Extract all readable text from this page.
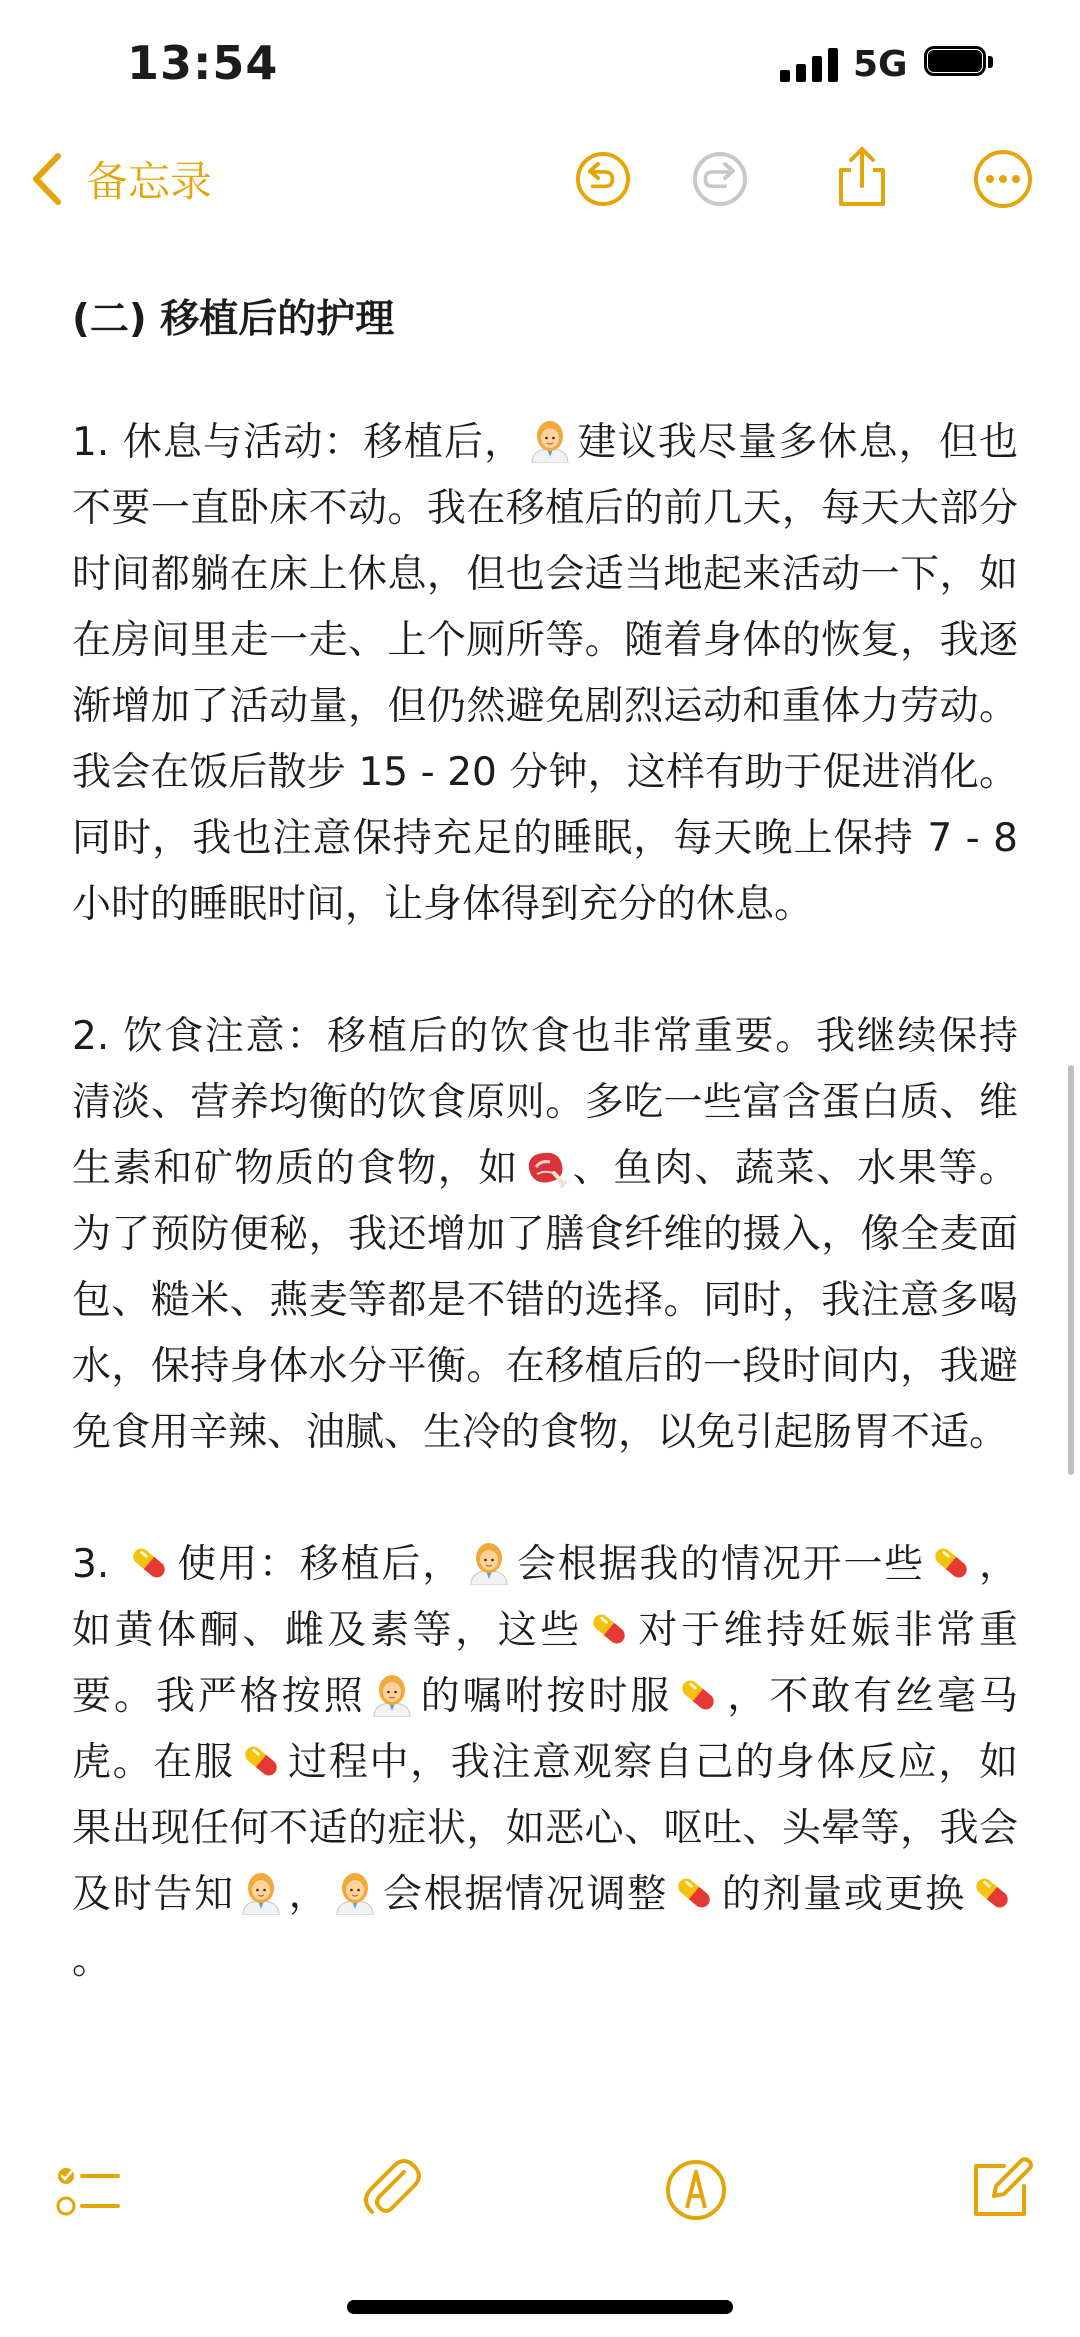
13:54	5G
备忘录
(二) 移植后的护理

1. 休息与活动：移植后， 建议我尽量多休息，但也不要一直卧床不动。我在移植后的前几天，每天大部分时间都躺在床上休息，但也会适当地起来活动一下，如在房间里走一走、上个厕所等。随着身体的恢复，我逐渐增加了活动量，但仍然避免剧烈运动和重体力劳动。我会在饭后散步 15 - 20 分钟，这样有助于促进消化。同时，我也注意保持充足的睡眠，每天晚上保持 7 - 8 小时的睡眠时间，让身体得到充分的休息。

2. 饮食注意：移植后的饮食也非常重要。我继续保持清淡、营养均衡的饮食原则。多吃一些富含蛋白质、维生素和矿物质的食物，如 、鱼肉、蔬菜、水果等。为了预防便秘，我还增加了膳食纤维的摄入，像全麦面包、糙米、燕麦等都是不错的选择。同时，我注意多喝水，保持身体水分平衡。在移植后的一段时间内，我避免食用辛辣、油腻、生冷的食物，以免引起肠胃不适。

3. 使用：移植后， 会根据我的情况开一些 ，如黄体酮、雌及素等，这些 对于维持妊娠非常重要。我严格按照 的嘱咐按时服 ，不敢有丝毫马虎。在服 过程中，我注意观察自己的身体反应，如果出现任何不适的症状，如恶心、呕吐、头晕等，我会及时告知 ， 会根据情况调整 的剂量或更换。
